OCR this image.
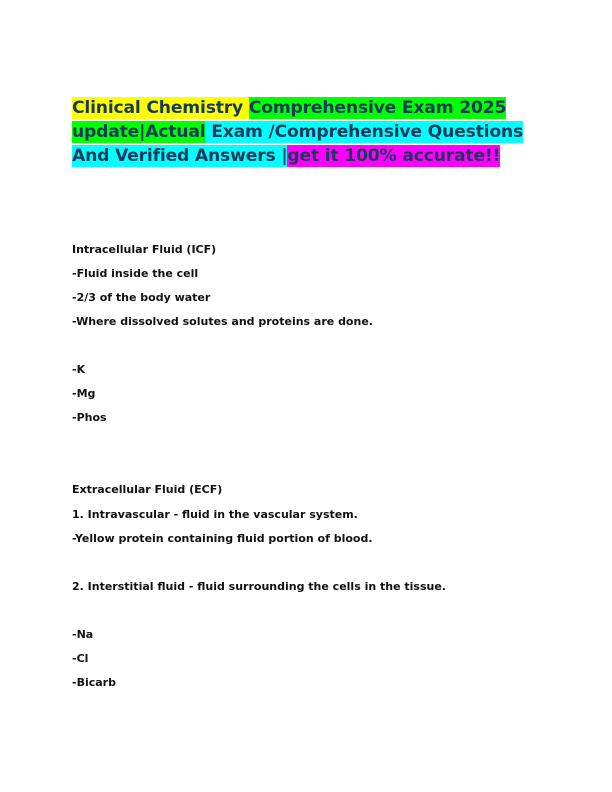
Clinical Chemistry Comprehensive Exam 2025 update|Actual Exam /Comprehensive Questions And Verified Answers |get it 100% accurate!!
Intracellular Fluid (ICF)
-Fluid inside the cell
-2/3 of the body water
-Where dissolved solutes and proteins are done.
-K
-Mg
-Phos
Extracellular Fluid (ECF)
1. Intravascular - fluid in the vascular system.
-Yellow protein containing fluid portion of blood.
2. Interstitial fluid - fluid surrounding the cells in the tissue.
-Na
-Cl
-Bicarb
